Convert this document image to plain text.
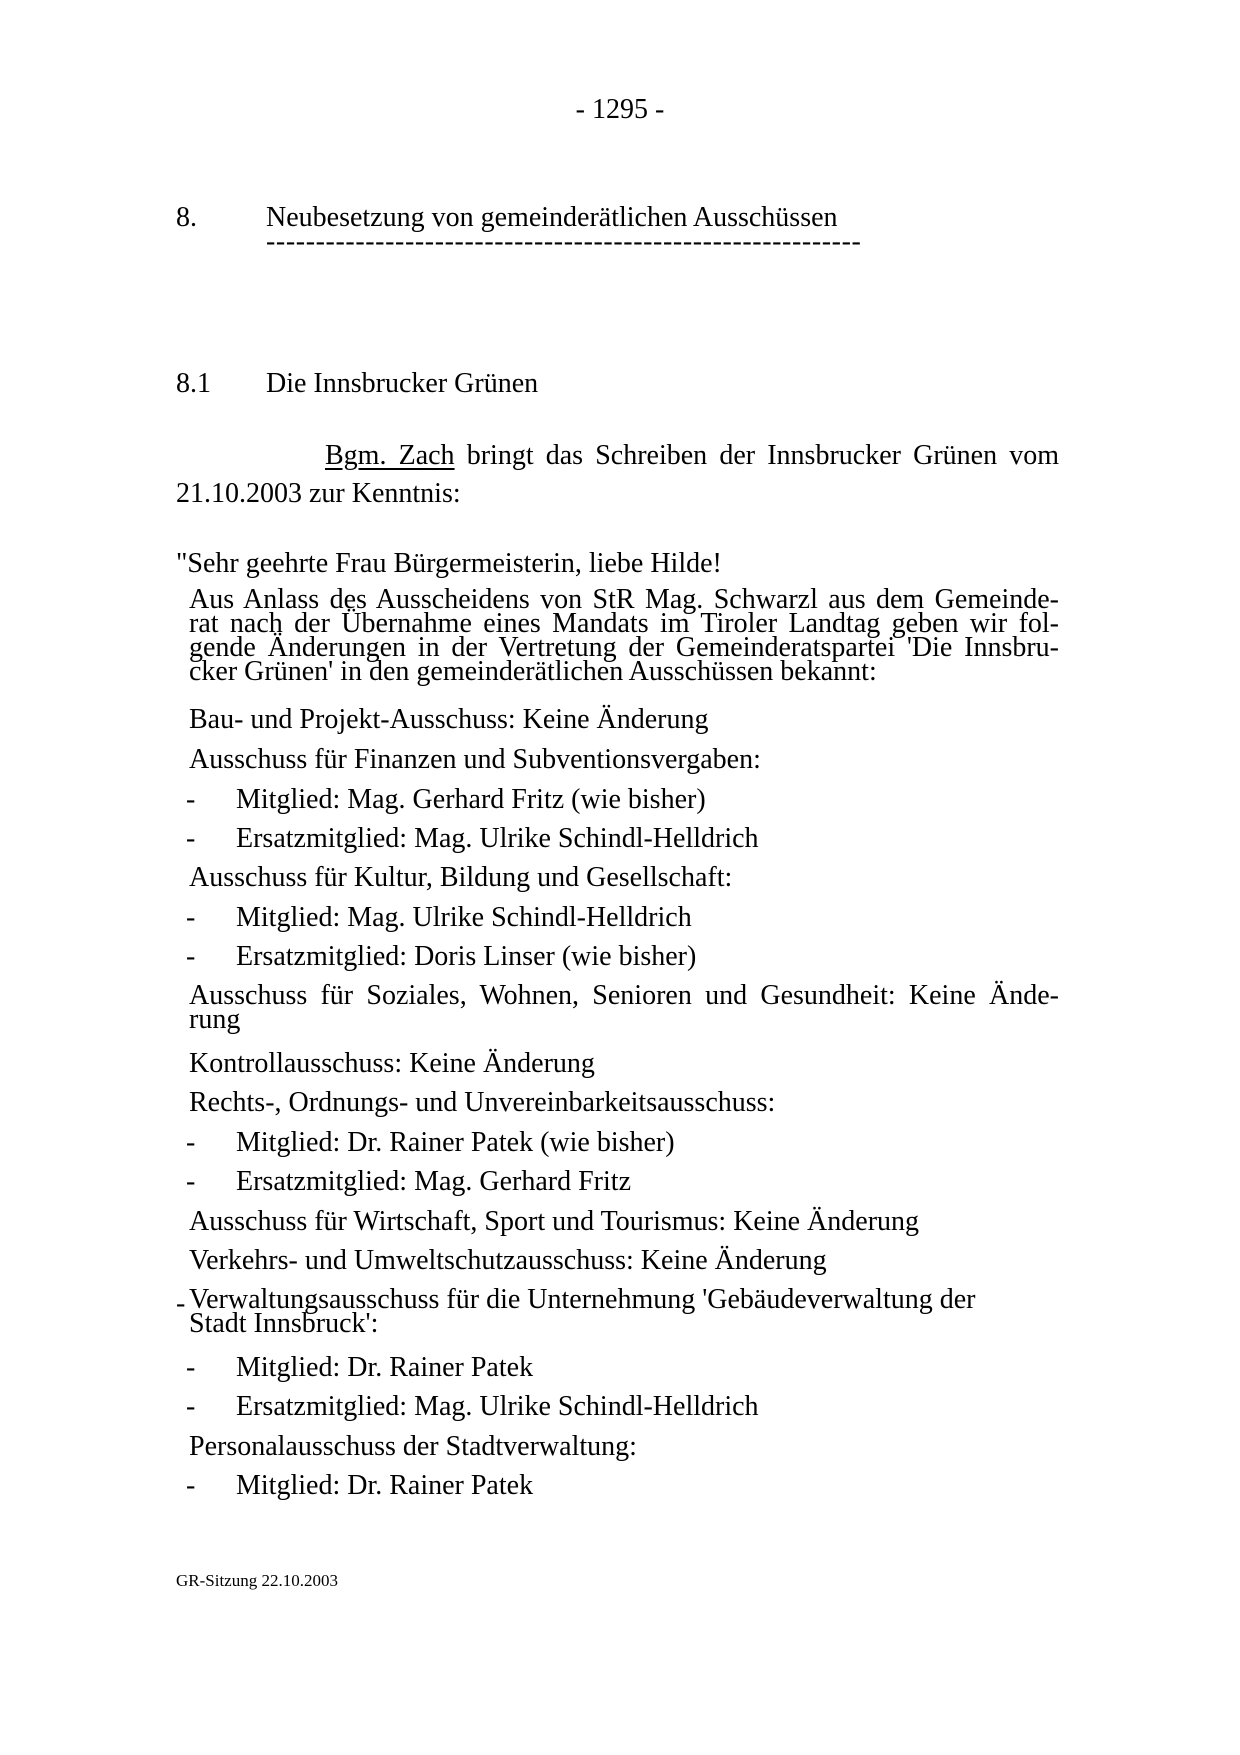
- 1295 -
8. Neubesetzung von gemeinderätlichen Ausschüssen
------------------------------------------------------------
8.1 Die Innsbrucker Grünen
Bgm. Zach bringt das Schreiben der Innsbrucker Grünen vom
21.10.2003 zur Kenntnis:
"Sehr geehrte Frau Bürgermeisterin, liebe Hilde!
Aus Anlass des Ausscheidens von StR Mag. Schwarzl aus dem Gemeinde-
rat nach der Übernahme eines Mandats im Tiroler Landtag geben wir fol-
gende Änderungen in der Vertretung der Gemeinderatspartei 'Die Innsbru-
cker Grünen' in den gemeinderätlichen Ausschüssen bekannt:
Bau- und Projekt-Ausschuss: Keine Änderung
Ausschuss für Finanzen und Subventionsvergaben:
- Mitglied: Mag. Gerhard Fritz (wie bisher)
- Ersatzmitglied: Mag. Ulrike Schindl-Helldrich
Ausschuss für Kultur, Bildung und Gesellschaft:
- Mitglied: Mag. Ulrike Schindl-Helldrich
- Ersatzmitglied: Doris Linser (wie bisher)
Ausschuss für Soziales, Wohnen, Senioren und Gesundheit: Keine Ände-
rung
Kontrollausschuss: Keine Änderung
Rechts-, Ordnungs- und Unvereinbarkeitsausschuss:
- Mitglied: Dr. Rainer Patek (wie bisher)
- Ersatzmitglied: Mag. Gerhard Fritz
Ausschuss für Wirtschaft, Sport und Tourismus: Keine Änderung
Verkehrs- und Umweltschutzausschuss: Keine Änderung
- Verwaltungsausschuss für die Unternehmung 'Gebäudeverwaltung der
Stadt Innsbruck':
- Mitglied: Dr. Rainer Patek
- Ersatzmitglied: Mag. Ulrike Schindl-Helldrich
Personalausschuss der Stadtverwaltung:
- Mitglied: Dr. Rainer Patek
GR-Sitzung 22.10.2003
